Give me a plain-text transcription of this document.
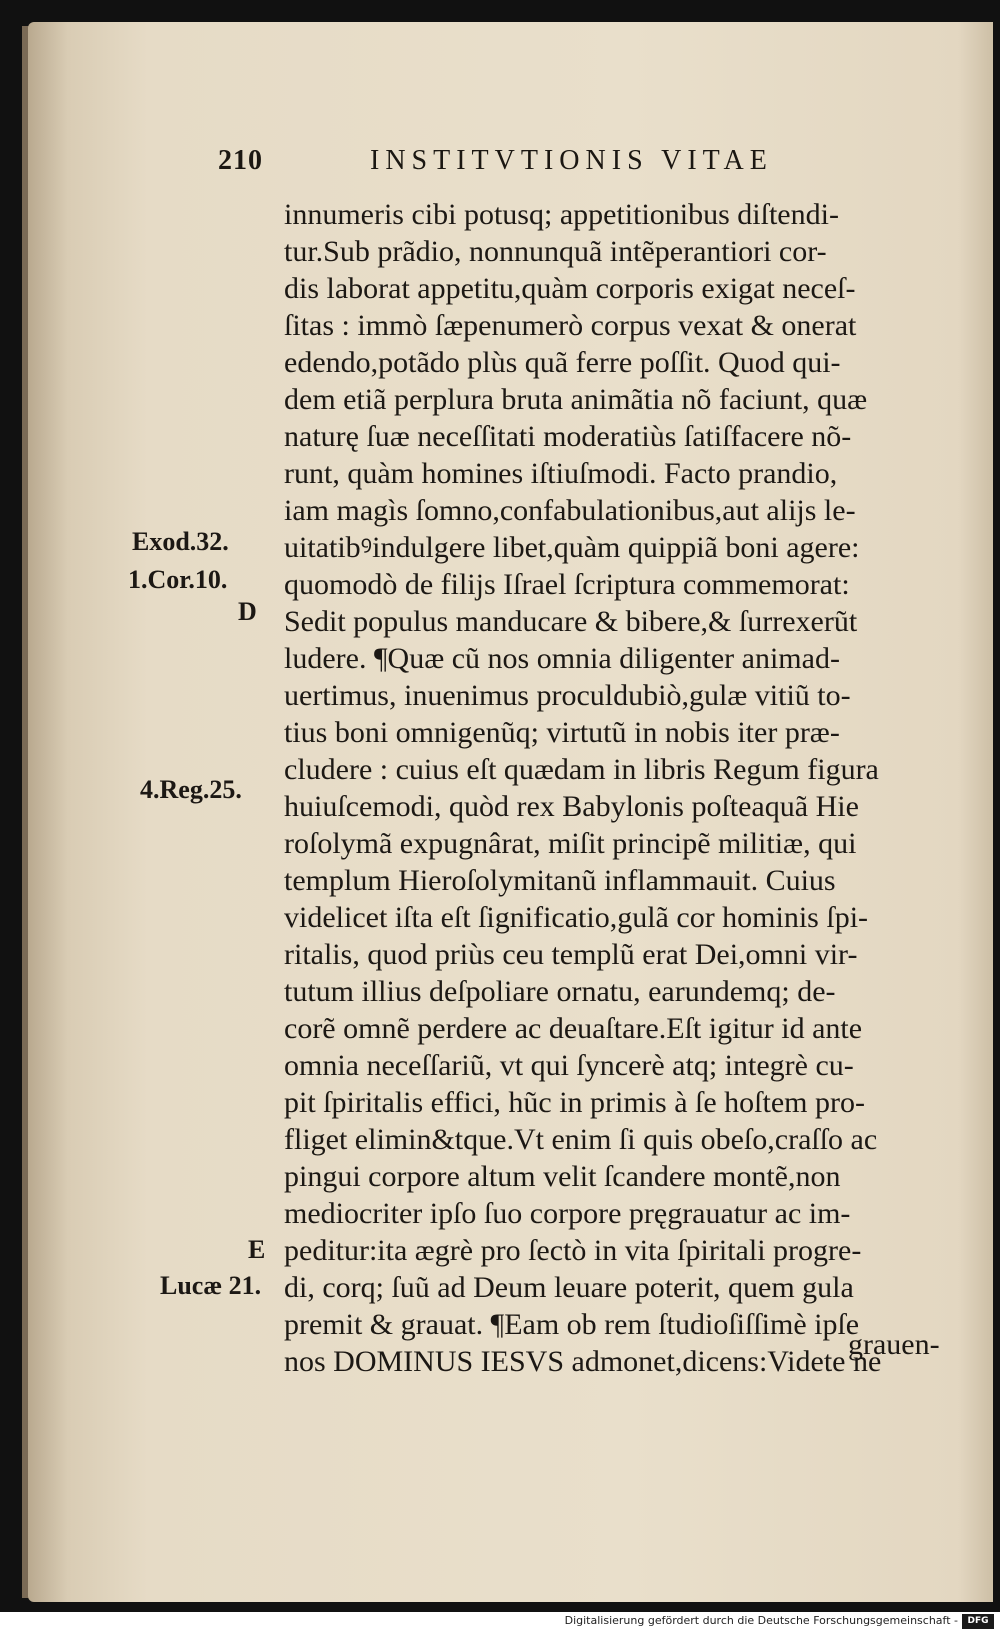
210	INSTITVTIONIS VITAE
Exod.32.
1.Cor.10.
D
4.Reg.25.
E
Lucæ 21.
innumeris cibi potusq; appetitionibus diſtendi-
tur.Sub prãdio, nonnunquã intẽperantiori cor-
dis laborat appetitu,quàm corporis exigat neceſ-
ſitas : immò ſæpenumerò corpus vexat & onerat
edendo,potãdo plùs quã ferre poſſit. Quod qui-
dem etiã perplura bruta animãtia nõ faciunt, quæ
naturę ſuæ neceſſitati moderatiùs ſatiſfacere nõ-
runt, quàm homines iſtiuſmodi. Facto prandio,
iam magìs ſomno,confabulationibus,aut alijs le-
uitatibꝰindulgere libet,quàm quippiã boni agere:
quomodò de filijs Iſrael ſcriptura commemorat:
Sedit populus manducare & bibere,& ſurrexerũt
ludere. ¶Quæ cũ nos omnia diligenter animad-
uertimus, inuenimus proculdubiò,gulæ vitiũ to-
tius boni omnigenũq; virtutũ in nobis iter præ-
cludere : cuius eſt quædam in libris Regum figura
huiuſcemodi, quòd rex Babylonis poſteaquã Hie
roſolymã expugnârat, miſit principẽ militiæ, qui
templum Hieroſolymitanũ inflammauit. Cuius
videlicet iſta eſt ſignificatio,gulã cor hominis ſpi-
ritalis, quod priùs ceu templũ erat Dei,omni vir-
tutum illius deſpoliare ornatu, earundemq; de-
corẽ omnẽ perdere ac deuaſtare.Eſt igitur id ante
omnia neceſſariũ, vt qui ſyncerè atq; integrè cu-
pit ſpiritalis effici, hũc in primis à ſe hoſtem pro-
fliget elimin&tque.Vt enim ſi quis obeſo,craſſo ac
pingui corpore altum velit ſcandere montẽ,non
mediocriter ipſo ſuo corpore pręgrauatur ac im-
peditur:ita ægrè pro ſectò in vita ſpiritali progre-
di, corq; ſuũ ad Deum leuare poterit, quem gula
premit & grauat. ¶Eam ob rem ſtudioſiſſimè ipſe
nos DOMINUS IESVS admonet,dicens:Videte ne
grauen-
Digitalisierung gefördert durch die Deutsche Forschungsgemeinschaft -	DFG
